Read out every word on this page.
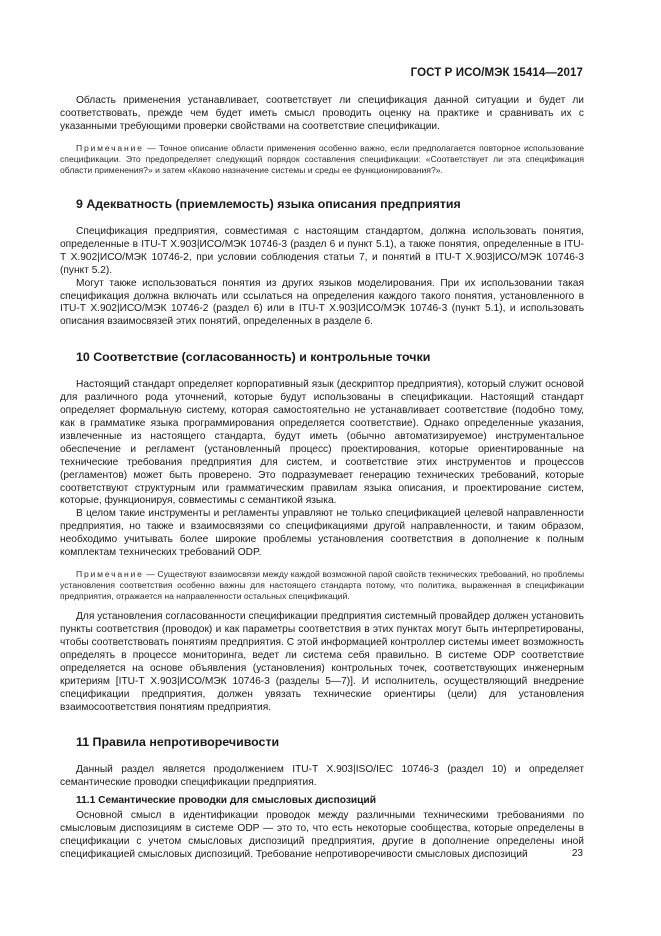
ГОСТ Р ИСО/МЭК 15414—2017

Область применения устанавливает, соответствует ли спецификация данной ситуации и будет ли соответствовать, прежде чем будет иметь смысл проводить оценку на практике и сравнивать их с указанными требующими проверки свойствами на соответствие спецификации.

Примечание — Точное описание области применения особенно важно, если предполагается повторное использование спецификации. Это предопределяет следующий порядок составления спецификации: «Соответствует ли эта спецификация области применения?» и затем «Каково назначение системы и среды ее функционирования?».

9 Адекватность (приемлемость) языка описания предприятия

Спецификация предприятия, совместимая с настоящим стандартом, должна использовать понятия, определенные в ITU-T X.903|ИСО/МЭК 10746-3 (раздел 6 и пункт 5.1), а также понятия, определенные в ITU-T X.902|ИСО/МЭК 10746-2, при условии соблюдения статьи 7, и понятий в ITU-T X.903|ИСО/МЭК 10746-3 (пункт 5.2).

Могут также использоваться понятия из других языков моделирования. При их использовании такая спецификация должна включать или ссылаться на определения каждого такого понятия, установленного в ITU-T X.902|ИСО/МЭК 10746-2 (раздел 6) или в ITU-T X.903|ИСО/МЭК 10746-3 (пункт 5.1), и использовать описания взаимосвязей этих понятий, определенных в разделе 6.

10 Соответствие (согласованность) и контрольные точки

Настоящий стандарт определяет корпоративный язык (дескриптор предприятия), который служит основой для различного рода уточнений, которые будут использованы в спецификации. Настоящий стандарт определяет формальную систему, которая самостоятельно не устанавливает соответствие (подобно тому, как в грамматике языка программирования определяется соответствие). Однако определенные указания, извлеченные из настоящего стандарта, будут иметь (обычно автоматизируемое) инструментальное обеспечение и регламент (установленный процесс) проектирования, которые ориентированные на технические требования предприятия для систем, и соответствие этих инструментов и процессов (регламентов) может быть проверено. Это подразумевает генерацию технических требований, которые соответствуют структурным или грамматическим правилам языка описания, и проектирование систем, которые, функционируя, совместимы с семантикой языка.

В целом такие инструменты и регламенты управляют не только спецификацией целевой направленности предприятия, но также и взаимосвязями со спецификациями другой направленности, и таким образом, необходимо учитывать более широкие проблемы установления соответствия в дополнение к полным комплектам технических требований ODP.

Примечание — Существуют взаимосвязи между каждой возможной парой свойств технических требований, но проблемы установления соответствия особенно важны для настоящего стандарта потому, что политика, выраженная в спецификации предприятия, отражается на направленности остальных спецификаций.

Для установления согласованности спецификации предприятия системный провайдер должен установить пункты соответствия (проводок) и как параметры соответствия в этих пунктах могут быть интерпретированы, чтобы соответствовать понятиям предприятия. С этой информацией контроллер системы имеет возможность определять в процессе мониторинга, ведет ли система себя правильно. В системе ODP соответствие определяется на основе объявления (установления) контрольных точек, соответствующих инженерным критериям [ITU-T X.903|ИСО/МЭК 10746-3 (разделы 5—7)]. И исполнитель, осуществляющий внедрение спецификации предприятия, должен увязать технические ориентиры (цели) для установления взаимосоответствия понятиям предприятия.

11 Правила непротиворечивости

Данный раздел является продолжением ITU-T X.903|ISO/IEC 10746-3 (раздел 10) и определяет семантические проводки спецификации предприятия.

11.1 Семантические проводки для смысловых диспозиций

Основной смысл в идентификации проводок между различными техническими требованиями по смысловым диспозициям в системе ODP — это то, что есть некоторые сообщества, которые определены в спецификации с учетом смысловых диспозиций предприятия, другие в дополнение определены иной спецификацией смысловых диспозиций. Требование непротиворечивости смысловых диспозиций	23
